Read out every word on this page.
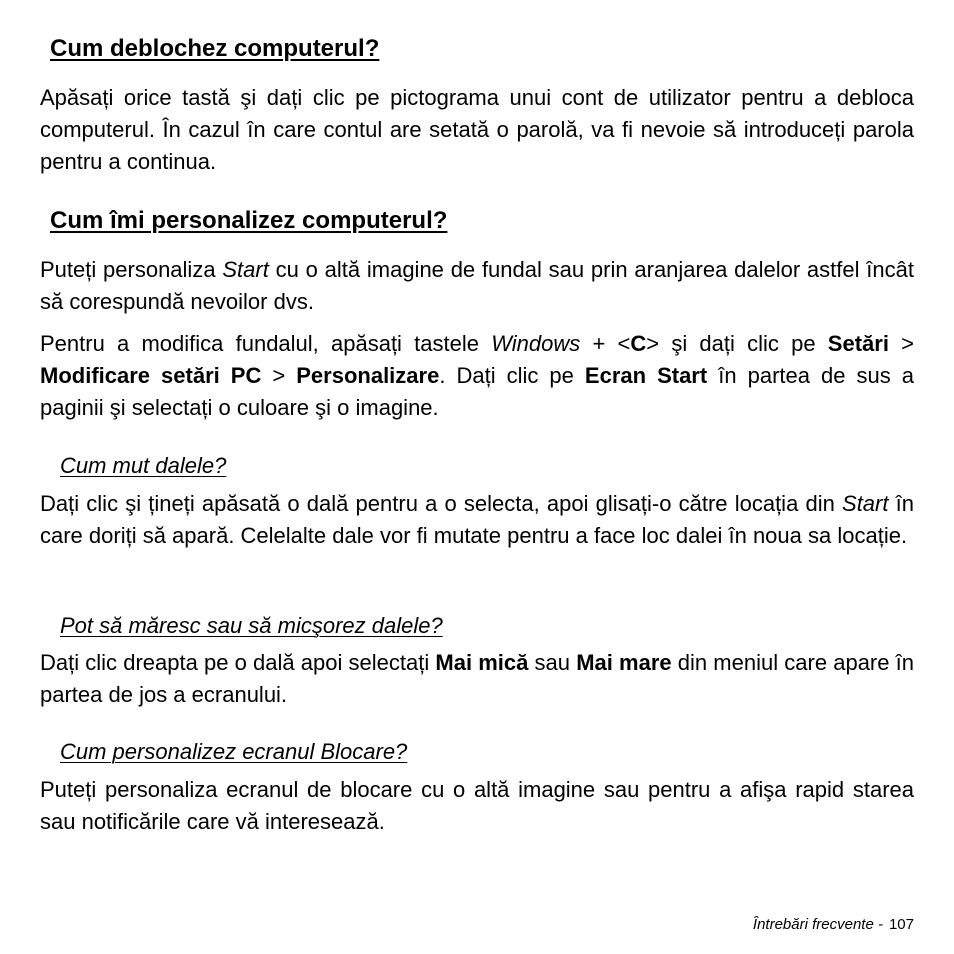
Cum deblochez computerul?

Apăsați orice tastă şi dați clic pe pictograma unui cont de utilizator pentru a debloca computerul. În cazul în care contul are setată o parolă, va fi nevoie să introduceți parola pentru a continua.

Cum îmi personalizez computerul?

Puteți personaliza Start cu o altă imagine de fundal sau prin aranjarea dalelor astfel încât să corespundă nevoilor dvs.

Pentru a modifica fundalul, apăsați tastele Windows + <C> şi dați clic pe Setări > Modificare setări PC > Personalizare. Dați clic pe Ecran Start în partea de sus a paginii şi selectați o culoare şi o imagine.

Cum mut dalele?

Dați clic şi țineți apăsată o dală pentru a o selecta, apoi glisați-o către locația din Start în care doriți să apară. Celelalte dale vor fi mutate pentru a face loc dalei în noua sa locație.

Pot să măresc sau să micşorez dalele?

Dați clic dreapta pe o dală apoi selectați Mai mică sau Mai mare din meniul care apare în partea de jos a ecranului.

Cum personalizez ecranul Blocare?

Puteți personaliza ecranul de blocare cu o altă imagine sau pentru a afişa rapid starea sau notificările care vă interesează.

Întrebări frecvente - 107
